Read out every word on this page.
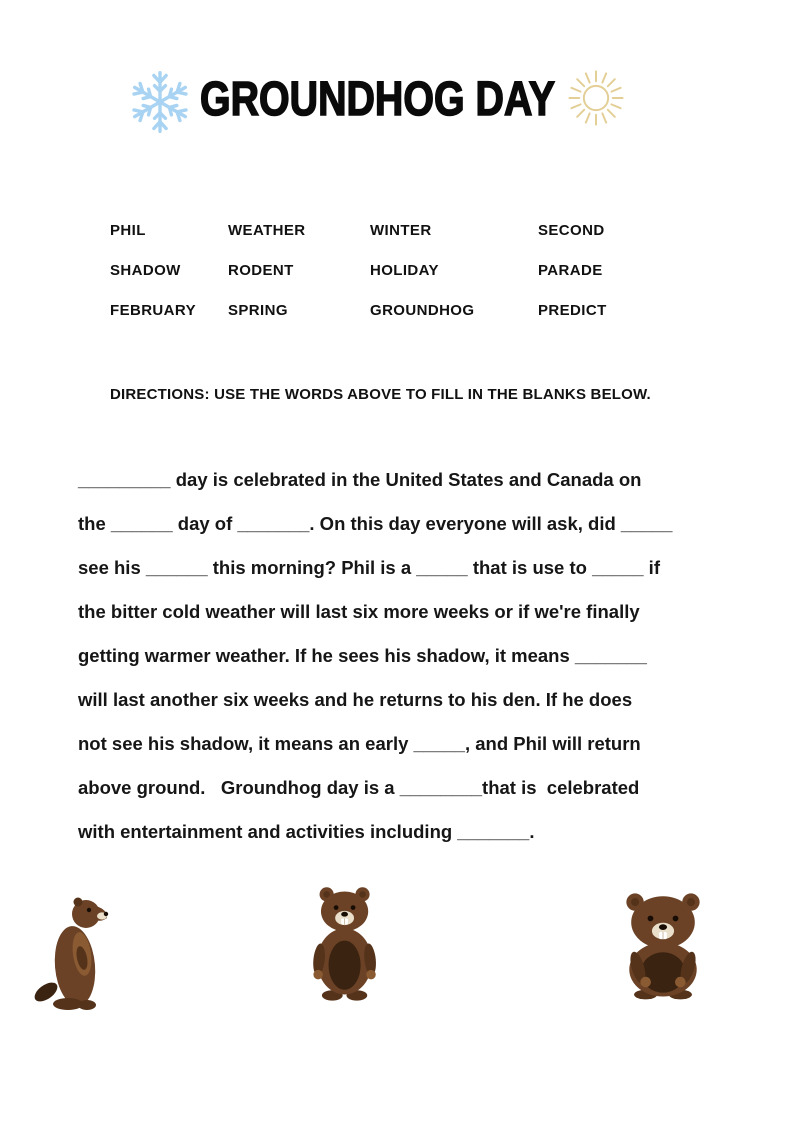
GROUNDHOG DAY
PHIL	WEATHER	WINTER	SECOND
SHADOW	RODENT	HOLIDAY	PARADE
FEBRUARY	SPRING	GROUNDHOG	PREDICT

DIRECTIONS: USE THE WORDS ABOVE TO FILL IN THE BLANKS BELOW.

_________ day is celebrated in the United States and Canada on
the ______ day of _______. On this day everyone will ask, did _____
see his ______ this morning? Phil is a _____ that is use to _____ if
the bitter cold weather will last six more weeks or if we're finally
getting warmer weather. If he sees his shadow, it means _______
will last another six weeks and he returns to his den. If he does
not see his shadow, it means an early _____, and Phil will return
above ground.   Groundhog day is a ________that is  celebrated
with entertainment and activities including _______.
